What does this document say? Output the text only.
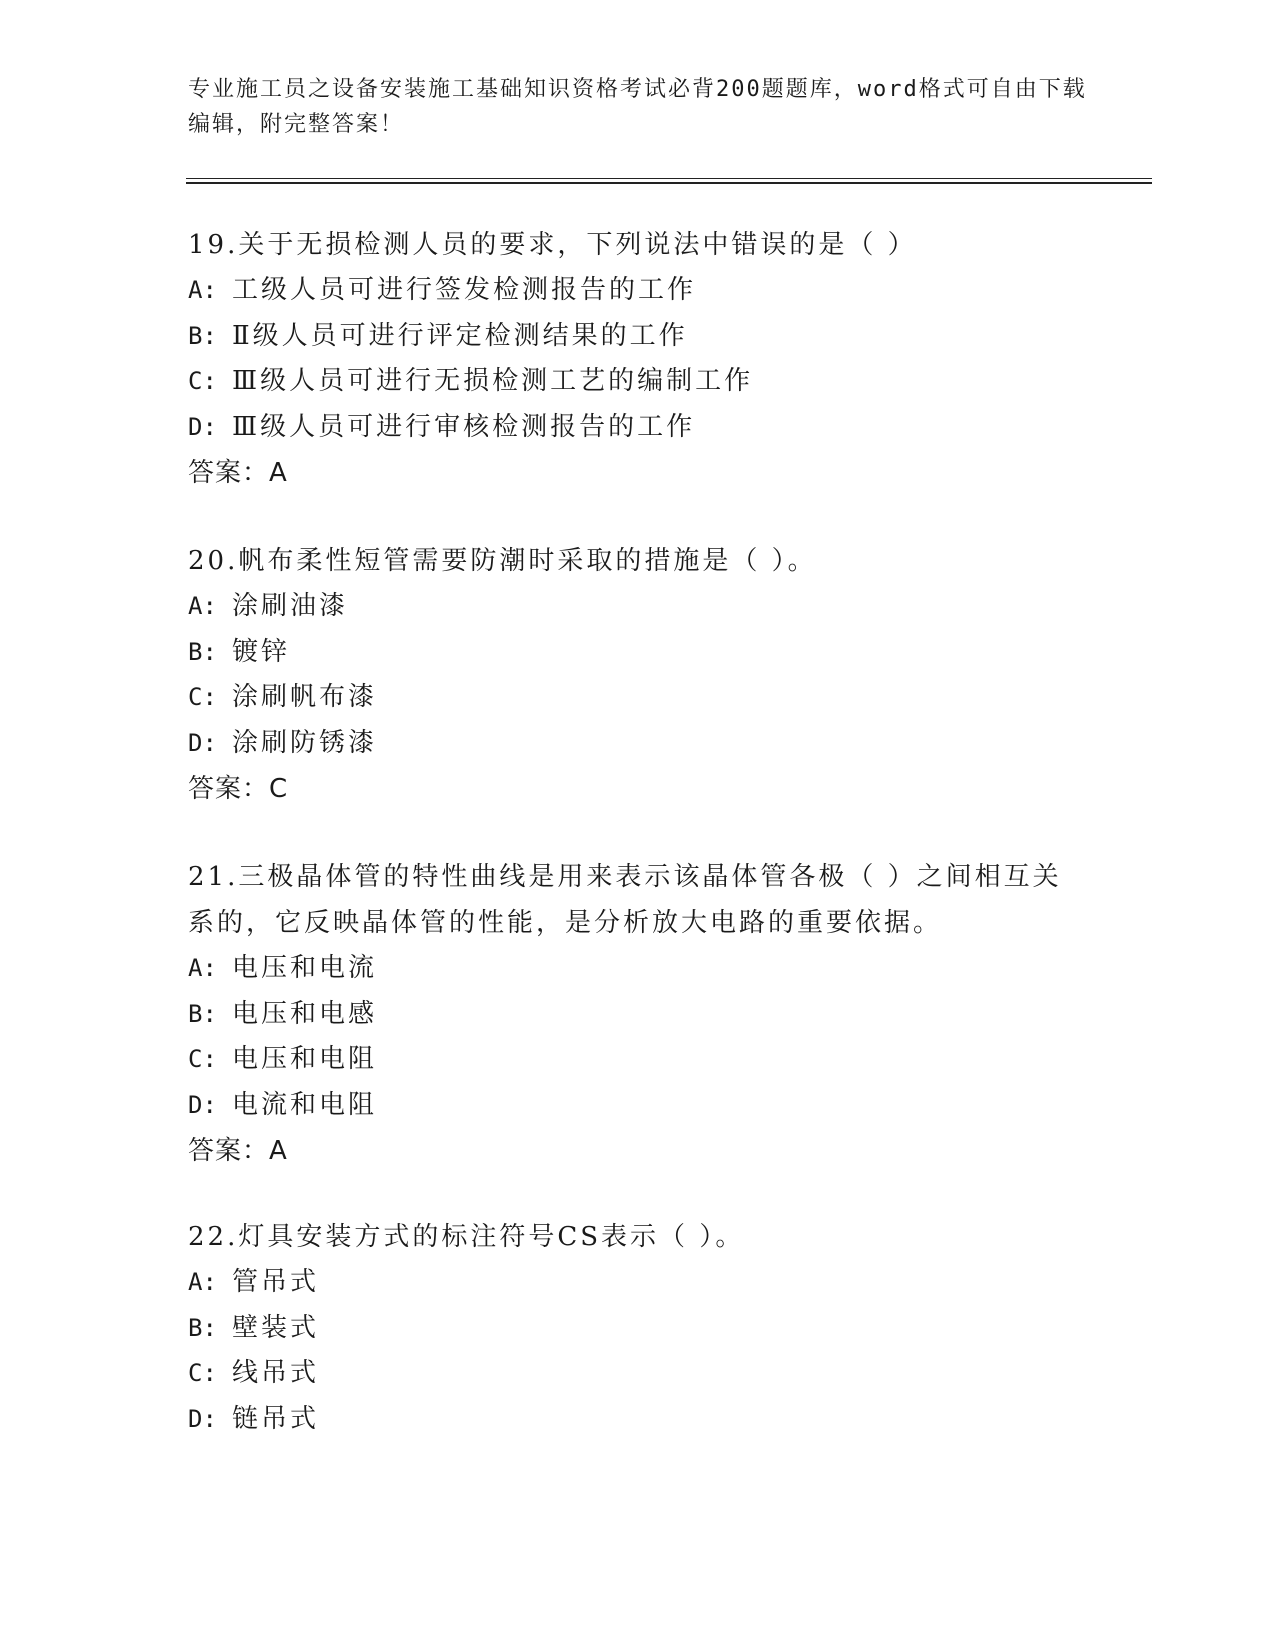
专业施工员之设备安装施工基础知识资格考试必背200题题库，word格式可自由下载编辑，附完整答案！

19.关于无损检测人员的要求，下列说法中错误的是（ ）

A: 工级人员可进行签发检测报告的工作
B: Ⅱ级人员可进行评定检测结果的工作
C: Ⅲ级人员可进行无损检测工艺的编制工作
D: Ⅲ级人员可进行审核检测报告的工作
答案：A

20.帆布柔性短管需要防潮时采取的措施是（ ）。

A: 涂刷油漆
B: 镀锌
C: 涂刷帆布漆
D: 涂刷防锈漆
答案：C

21.三极晶体管的特性曲线是用来表示该晶体管各极（ ）之间相互关系的，它反映晶体管的性能，是分析放大电路的重要依据。

A: 电压和电流
B: 电压和电感
C: 电压和电阻
D: 电流和电阻
答案：A

22.灯具安装方式的标注符号CS表示（ ）。

A: 管吊式
B: 壁装式
C: 线吊式
D: 链吊式
